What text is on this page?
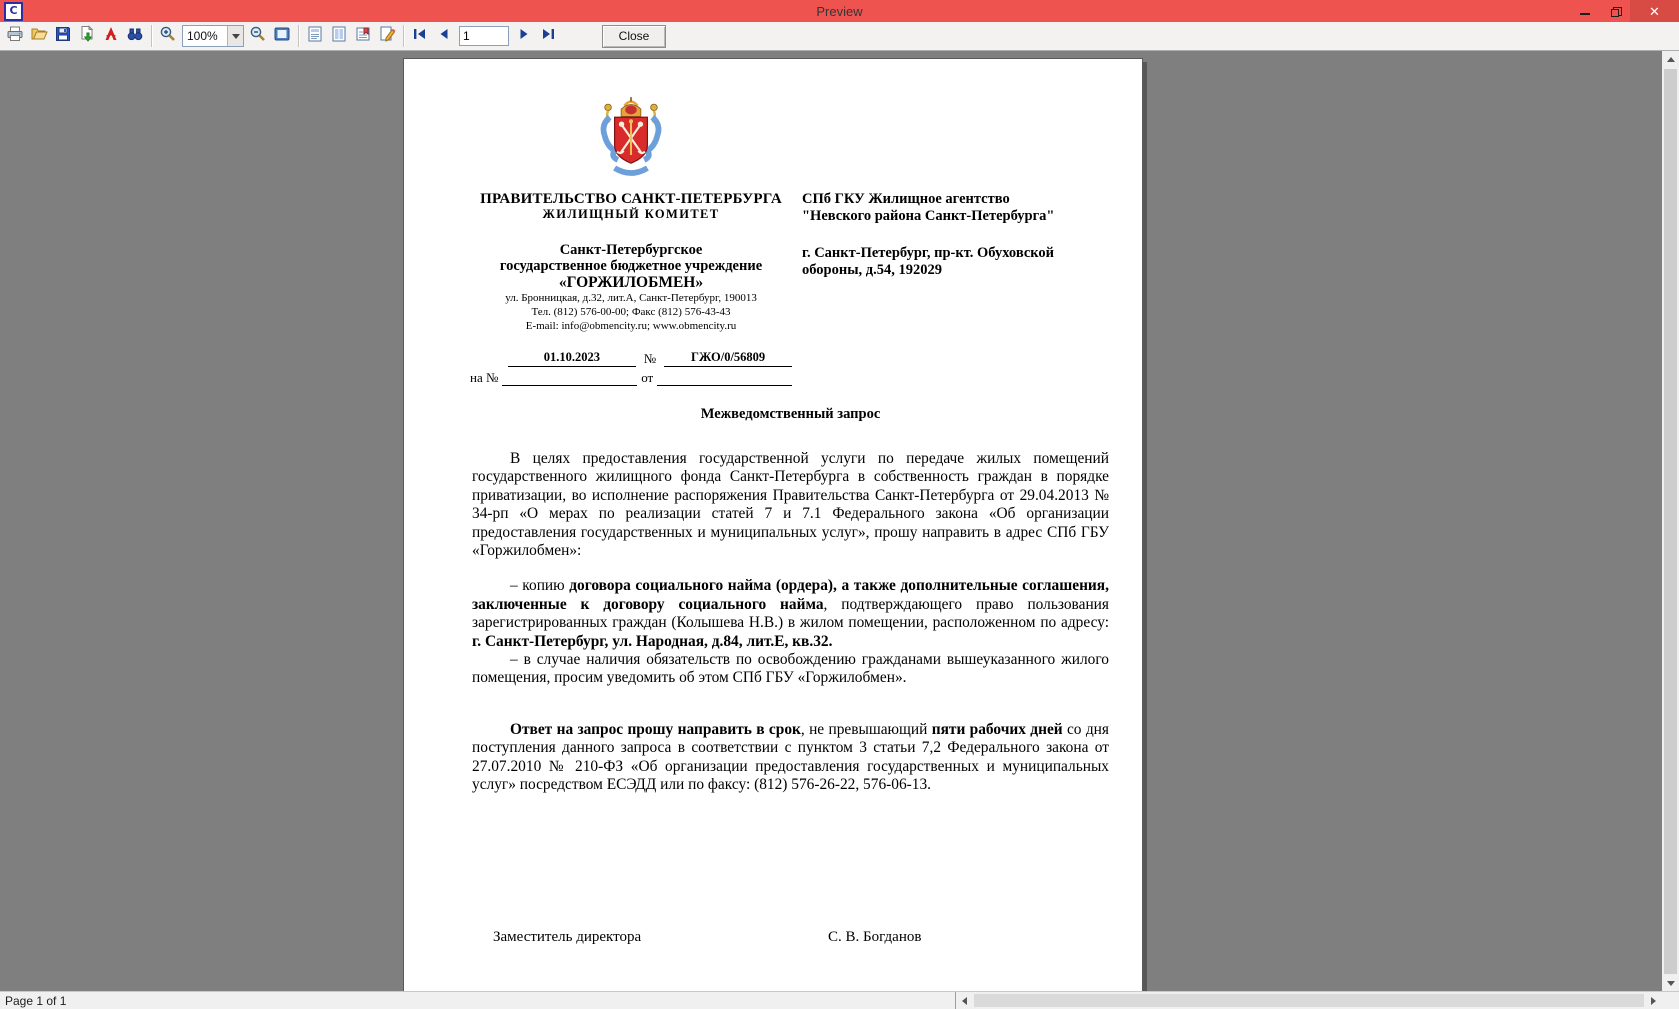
C	Preview	✕
100%
1	Close
ПРАВИТЕЛЬСТВО САНКТ-ПЕТЕРБУРГА
ЖИЛИЩНЫЙ КОМИТЕТ
Санкт-Петербургское
государственное бюджетное учреждение
«ГОРЖИЛОБМЕН»
ул. Бронницкая, д.32, лит.А, Санкт-Петербург, 190013
Тел. (812) 576-00-00; Факс (812) 576-43-43
E-mail: info@obmencity.ru; www.obmencity.ru
01.10.2023	№	ГЖО/0/56809
на №	от
СПб ГКУ Жилищное агентство
"Невского района Санкт-Петербурга"
г. Санкт-Петербург, пр-кт. Обуховской
обороны, д.54, 192029
Межведомственный запрос

В целях предоставления государственной услуги по передаче жилых помещений государственного жилищного фонда Санкт-Петербурга в собственность граждан в порядке приватизации, во исполнение распоряжения Правительства Санкт-Петербурга от 29.04.2013 № 34-рп «О мерах по реализации статей 7 и 7.1 Федерального закона «Об организации предоставления государственных и муниципальных услуг», прошу направить в адрес СПб ГБУ «Горжилобмен»:

– копию договора социального найма (ордера), а также дополнительные соглашения, заключенные к договору социального найма, подтверждающего право пользования зарегистрированных граждан (Колышева Н.В.) в жилом помещении, расположенном по адресу: г. Санкт-Петербург, ул. Народная, д.84, лит.Е, кв.32.

– в случае наличия обязательств по освобождению гражданами вышеуказанного жилого помещения, просим уведомить об этом СПб ГБУ «Горжилобмен».

Ответ на запрос прошу направить в срок, не превышающий пяти рабочих дней со дня поступления данного запроса в соответствии с пунктом 3 статьи 7,2 Федерального закона от 27.07.2010 № 210-ФЗ «Об организации предоставления государственных и муниципальных услуг» посредством ЕСЭДД или по факсу: (812) 576-26-22, 576-06-13.

Заместитель директора	С. В. Богданов
Page 1 of 1
